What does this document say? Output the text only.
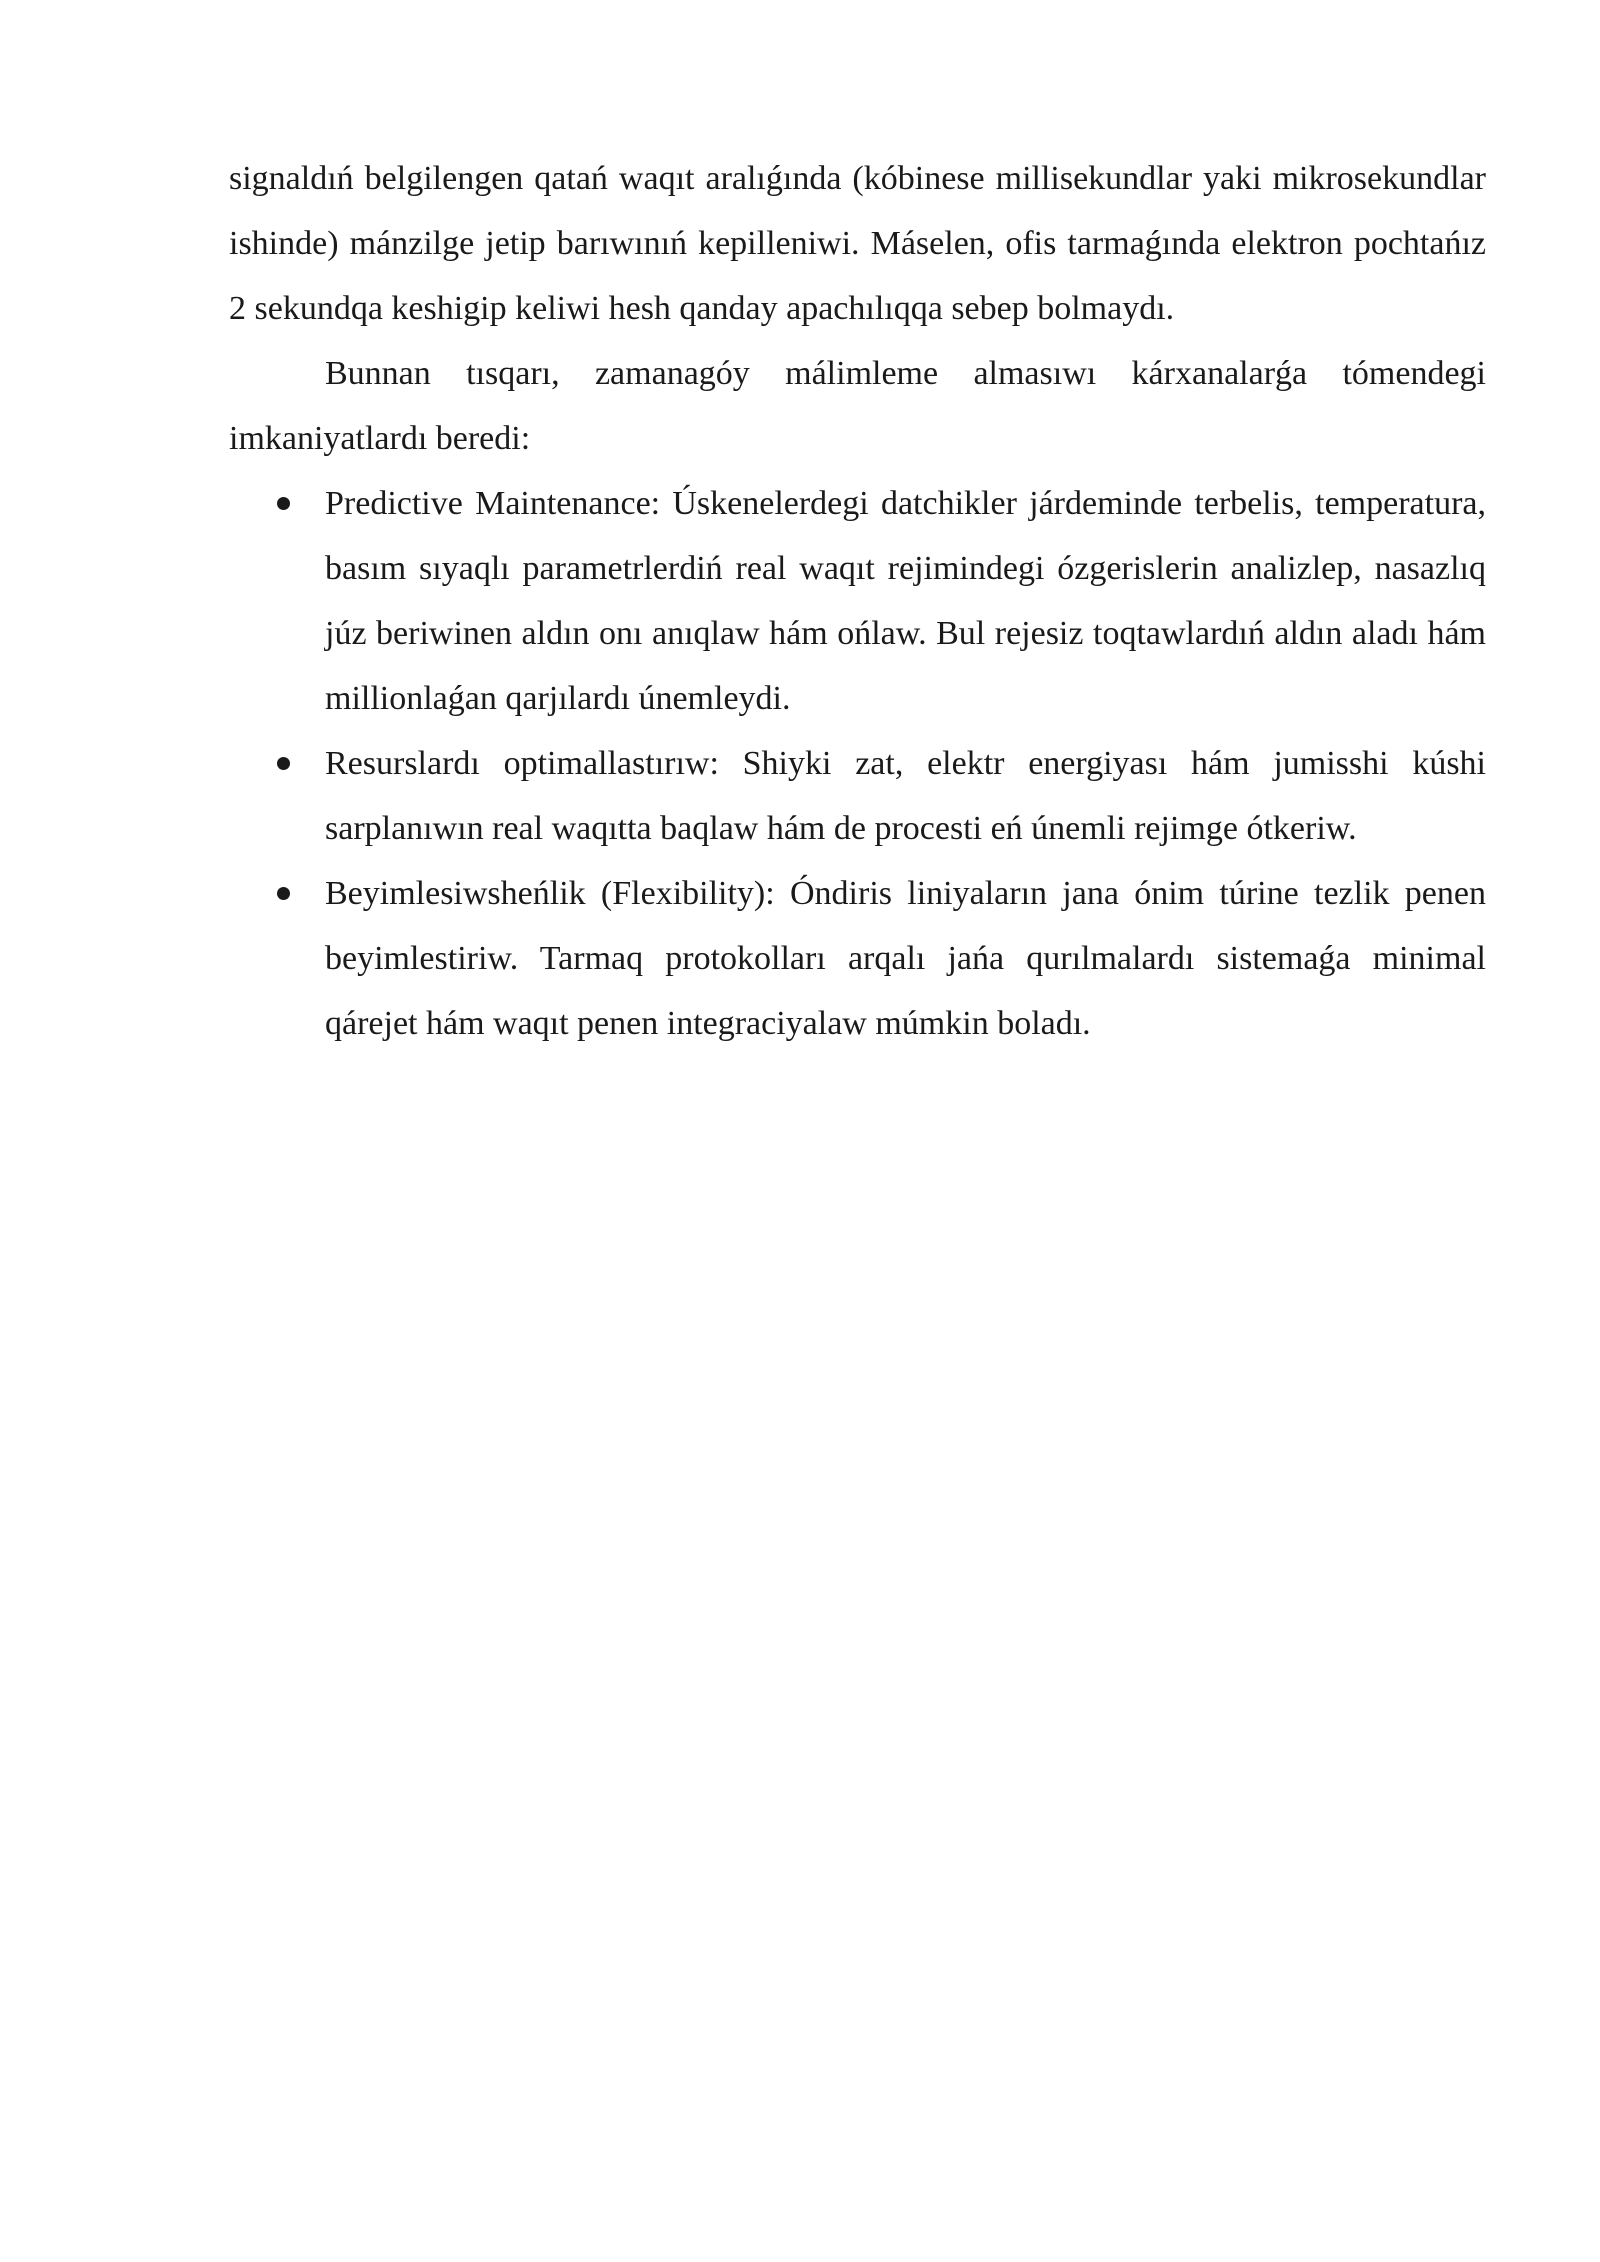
signaldıń belgilengen qatań waqıt aralıǵında (kóbinese millisekundlar yaki mikrosekundlar ishinde) mánzilge jetip barıwınıń kepilleniwi. Máselen, ofis tarmaǵında elektron pochtańız 2 sekundqa keshigip keliwi hesh qanday apachılıqqa sebep bolmaydı.

Bunnan tısqarı, zamanagóy málimleme almasıwı kárxanalarǵa tómendegi imkaniyatlardı beredi:

Predictive Maintenance: Úskenelerdegi datchikler járdeminde terbelis, temperatura, basım sıyaqlı parametrlerdiń real waqıt rejimindegi ózgerislerin analizlep, nasazlıq júz beriwinen aldın onı anıqlaw hám ońlaw. Bul rejesiz toqtawlardıń aldın aladı hám millionlaǵan qarjılardı únemleydi.
Resurslardı optimallastırıw: Shiyki zat, elektr energiyası hám jumisshi kúshi sarplanıwın real waqıtta baqlaw hám de procesti eń únemli rejimge ótkeriw.
Beyimlesiwsheńlik (Flexibility): Óndiris liniyaların jana ónim túrine tezlik penen beyimlestiriw. Tarmaq protokolları arqalı jańa qurılmalardı sistemaǵa minimal qárejet hám waqıt penen integraciyalaw múmkin boladı.
